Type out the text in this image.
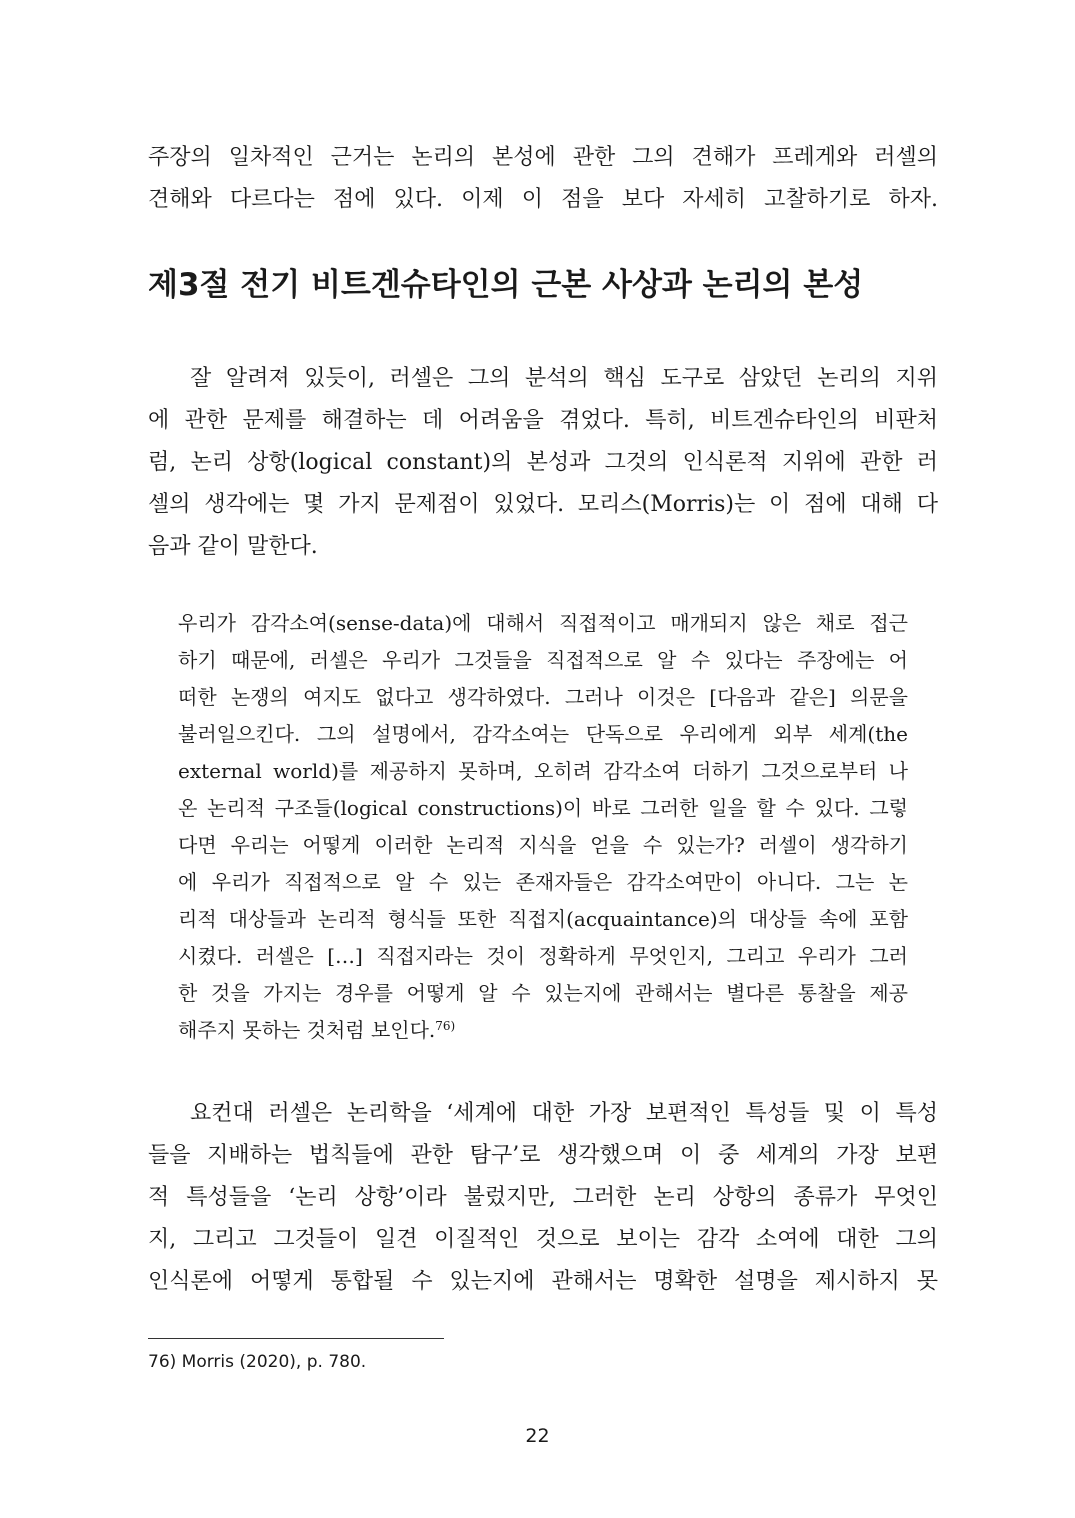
주장의 일차적인 근거는 논리의 본성에 관한 그의 견해가 프레게와 러셀의
견해와 다르다는 점에 있다. 이제 이 점을 보다 자세히 고찰하기로 하자.
제3절 전기 비트겐슈타인의 근본 사상과 논리의 본성
잘 알려져 있듯이, 러셀은 그의 분석의 핵심 도구로 삼았던 논리의 지위
에 관한 문제를 해결하는 데 어려움을 겪었다. 특히, 비트겐슈타인의 비판처
럼, 논리 상항(logical constant)의 본성과 그것의 인식론적 지위에 관한 러
셀의 생각에는 몇 가지 문제점이 있었다. 모리스(Morris)는 이 점에 대해 다
음과 같이 말한다.
우리가 감각소여(sense-data)에 대해서 직접적이고 매개되지 않은 채로 접근
하기 때문에, 러셀은 우리가 그것들을 직접적으로 알 수 있다는 주장에는 어
떠한 논쟁의 여지도 없다고 생각하였다. 그러나 이것은 [다음과 같은] 의문을
불러일으킨다. 그의 설명에서, 감각소여는 단독으로 우리에게 외부 세계(the
external world)를 제공하지 못하며, 오히려 감각소여 더하기 그것으로부터 나
온 논리적 구조들(logical constructions)이 바로 그러한 일을 할 수 있다. 그렇
다면 우리는 어떻게 이러한 논리적 지식을 얻을 수 있는가? 러셀이 생각하기
에 우리가 직접적으로 알 수 있는 존재자들은 감각소여만이 아니다. 그는 논
리적 대상들과 논리적 형식들 또한 직접지(acquaintance)의 대상들 속에 포함
시켰다. 러셀은 […] 직접지라는 것이 정확하게 무엇인지, 그리고 우리가 그러
한 것을 가지는 경우를 어떻게 알 수 있는지에 관해서는 별다른 통찰을 제공
해주지 못하는 것처럼 보인다.$^{76)}$
요컨대 러셀은 논리학을 ‘세계에 대한 가장 보편적인 특성들 및 이 특성
들을 지배하는 법칙들에 관한 탐구’로 생각했으며 이 중 세계의 가장 보편
적 특성들을 ‘논리 상항’이라 불렀지만, 그러한 논리 상항의 종류가 무엇인
지, 그리고 그것들이 일견 이질적인 것으로 보이는 감각 소여에 대한 그의
인식론에 어떻게 통합될 수 있는지에 관해서는 명확한 설명을 제시하지 못
76) Morris (2020), p. 780.
22
